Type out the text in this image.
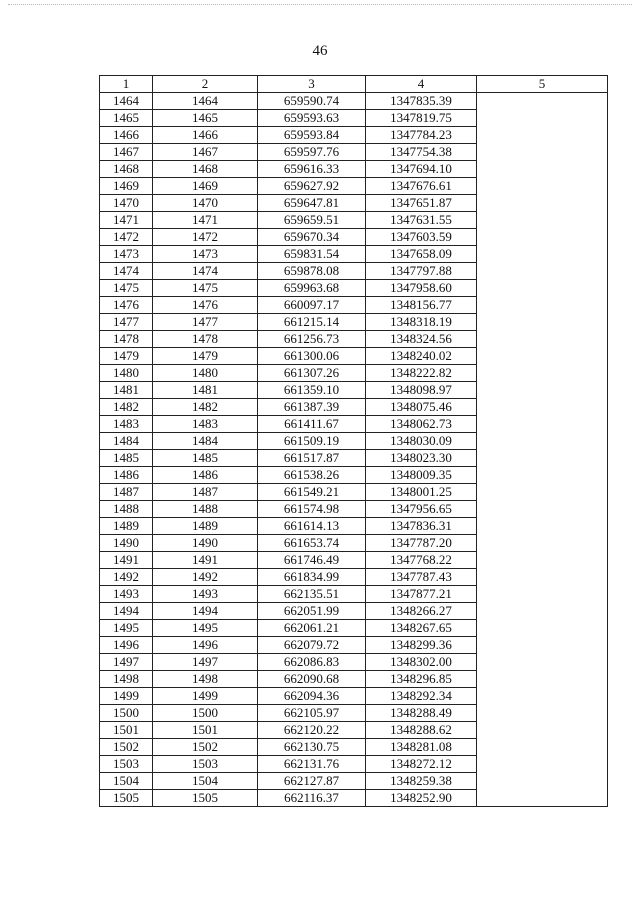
46
1	2	3	4	5
1464	1464	659590.74	1347835.39	
1465	1465	659593.63	1347819.75	
1466	1466	659593.84	1347784.23	
1467	1467	659597.76	1347754.38	
1468	1468	659616.33	1347694.10	
1469	1469	659627.92	1347676.61	
1470	1470	659647.81	1347651.87	
1471	1471	659659.51	1347631.55	
1472	1472	659670.34	1347603.59	
1473	1473	659831.54	1347658.09	
1474	1474	659878.08	1347797.88	
1475	1475	659963.68	1347958.60	
1476	1476	660097.17	1348156.77	
1477	1477	661215.14	1348318.19	
1478	1478	661256.73	1348324.56	
1479	1479	661300.06	1348240.02	
1480	1480	661307.26	1348222.82	
1481	1481	661359.10	1348098.97	
1482	1482	661387.39	1348075.46	
1483	1483	661411.67	1348062.73	
1484	1484	661509.19	1348030.09	
1485	1485	661517.87	1348023.30	
1486	1486	661538.26	1348009.35	
1487	1487	661549.21	1348001.25	
1488	1488	661574.98	1347956.65	
1489	1489	661614.13	1347836.31	
1490	1490	661653.74	1347787.20	
1491	1491	661746.49	1347768.22	
1492	1492	661834.99	1347787.43	
1493	1493	662135.51	1347877.21	
1494	1494	662051.99	1348266.27	
1495	1495	662061.21	1348267.65	
1496	1496	662079.72	1348299.36	
1497	1497	662086.83	1348302.00	
1498	1498	662090.68	1348296.85	
1499	1499	662094.36	1348292.34	
1500	1500	662105.97	1348288.49	
1501	1501	662120.22	1348288.62	
1502	1502	662130.75	1348281.08	
1503	1503	662131.76	1348272.12	
1504	1504	662127.87	1348259.38	
1505	1505	662116.37	1348252.90	
